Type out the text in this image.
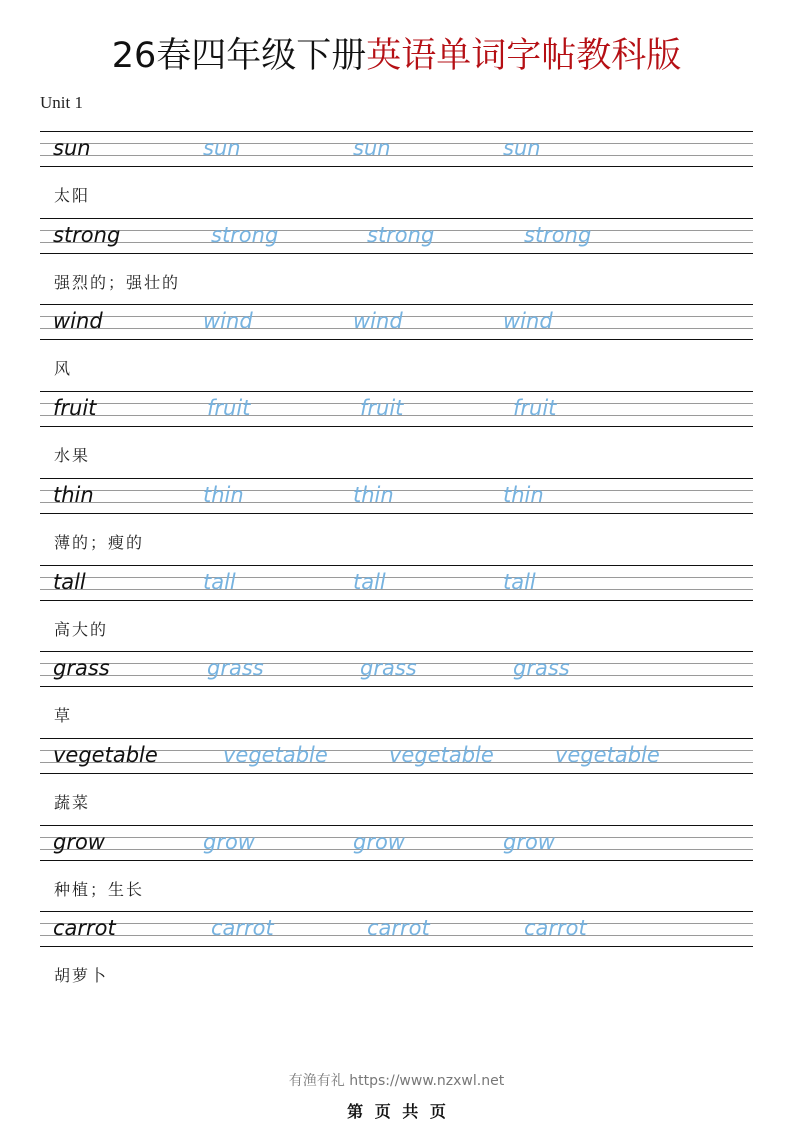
26春四年级下册英语单词字帖教科版
Unit 1
sun	sun	sun	sun
太阳
strong	strong	strong	strong
强烈的；强壮的
wind	wind	wind	wind
风
fruit	fruit	fruit	fruit
水果
thin	thin	thin	thin
薄的；瘦的
tall	tall	tall	tall
高大的
grass	grass	grass	grass
草
vegetable	vegetable	vegetable	vegetable
蔬菜
grow	grow	grow	grow
种植；生长
carrot	carrot	carrot	carrot
胡萝卜
有渔有礼 https://www.nzxwl.net
第 页 共 页
